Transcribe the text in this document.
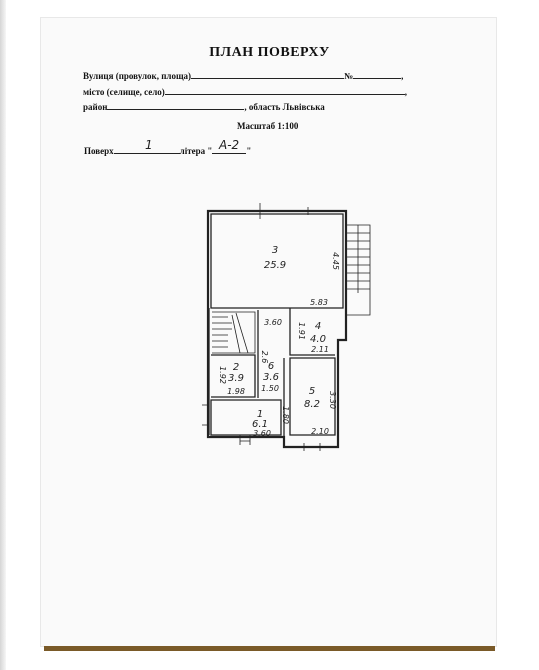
ПЛАН ПОВЕРХУ
Вулиця (провулок, площа)	№	,
місто (селище, село)	,
район	, область Львівська
Масштаб 1:100
Поверх	літера "	"
1	А-2
3
25.9
4
4.0
2
3.9
6
3.6
5
8.2
1
6.1
4.45
5.83
3.60 1.91
2.11
1.92
1.98
2.6
1.50
3.30
1.80
3.60	2.10
